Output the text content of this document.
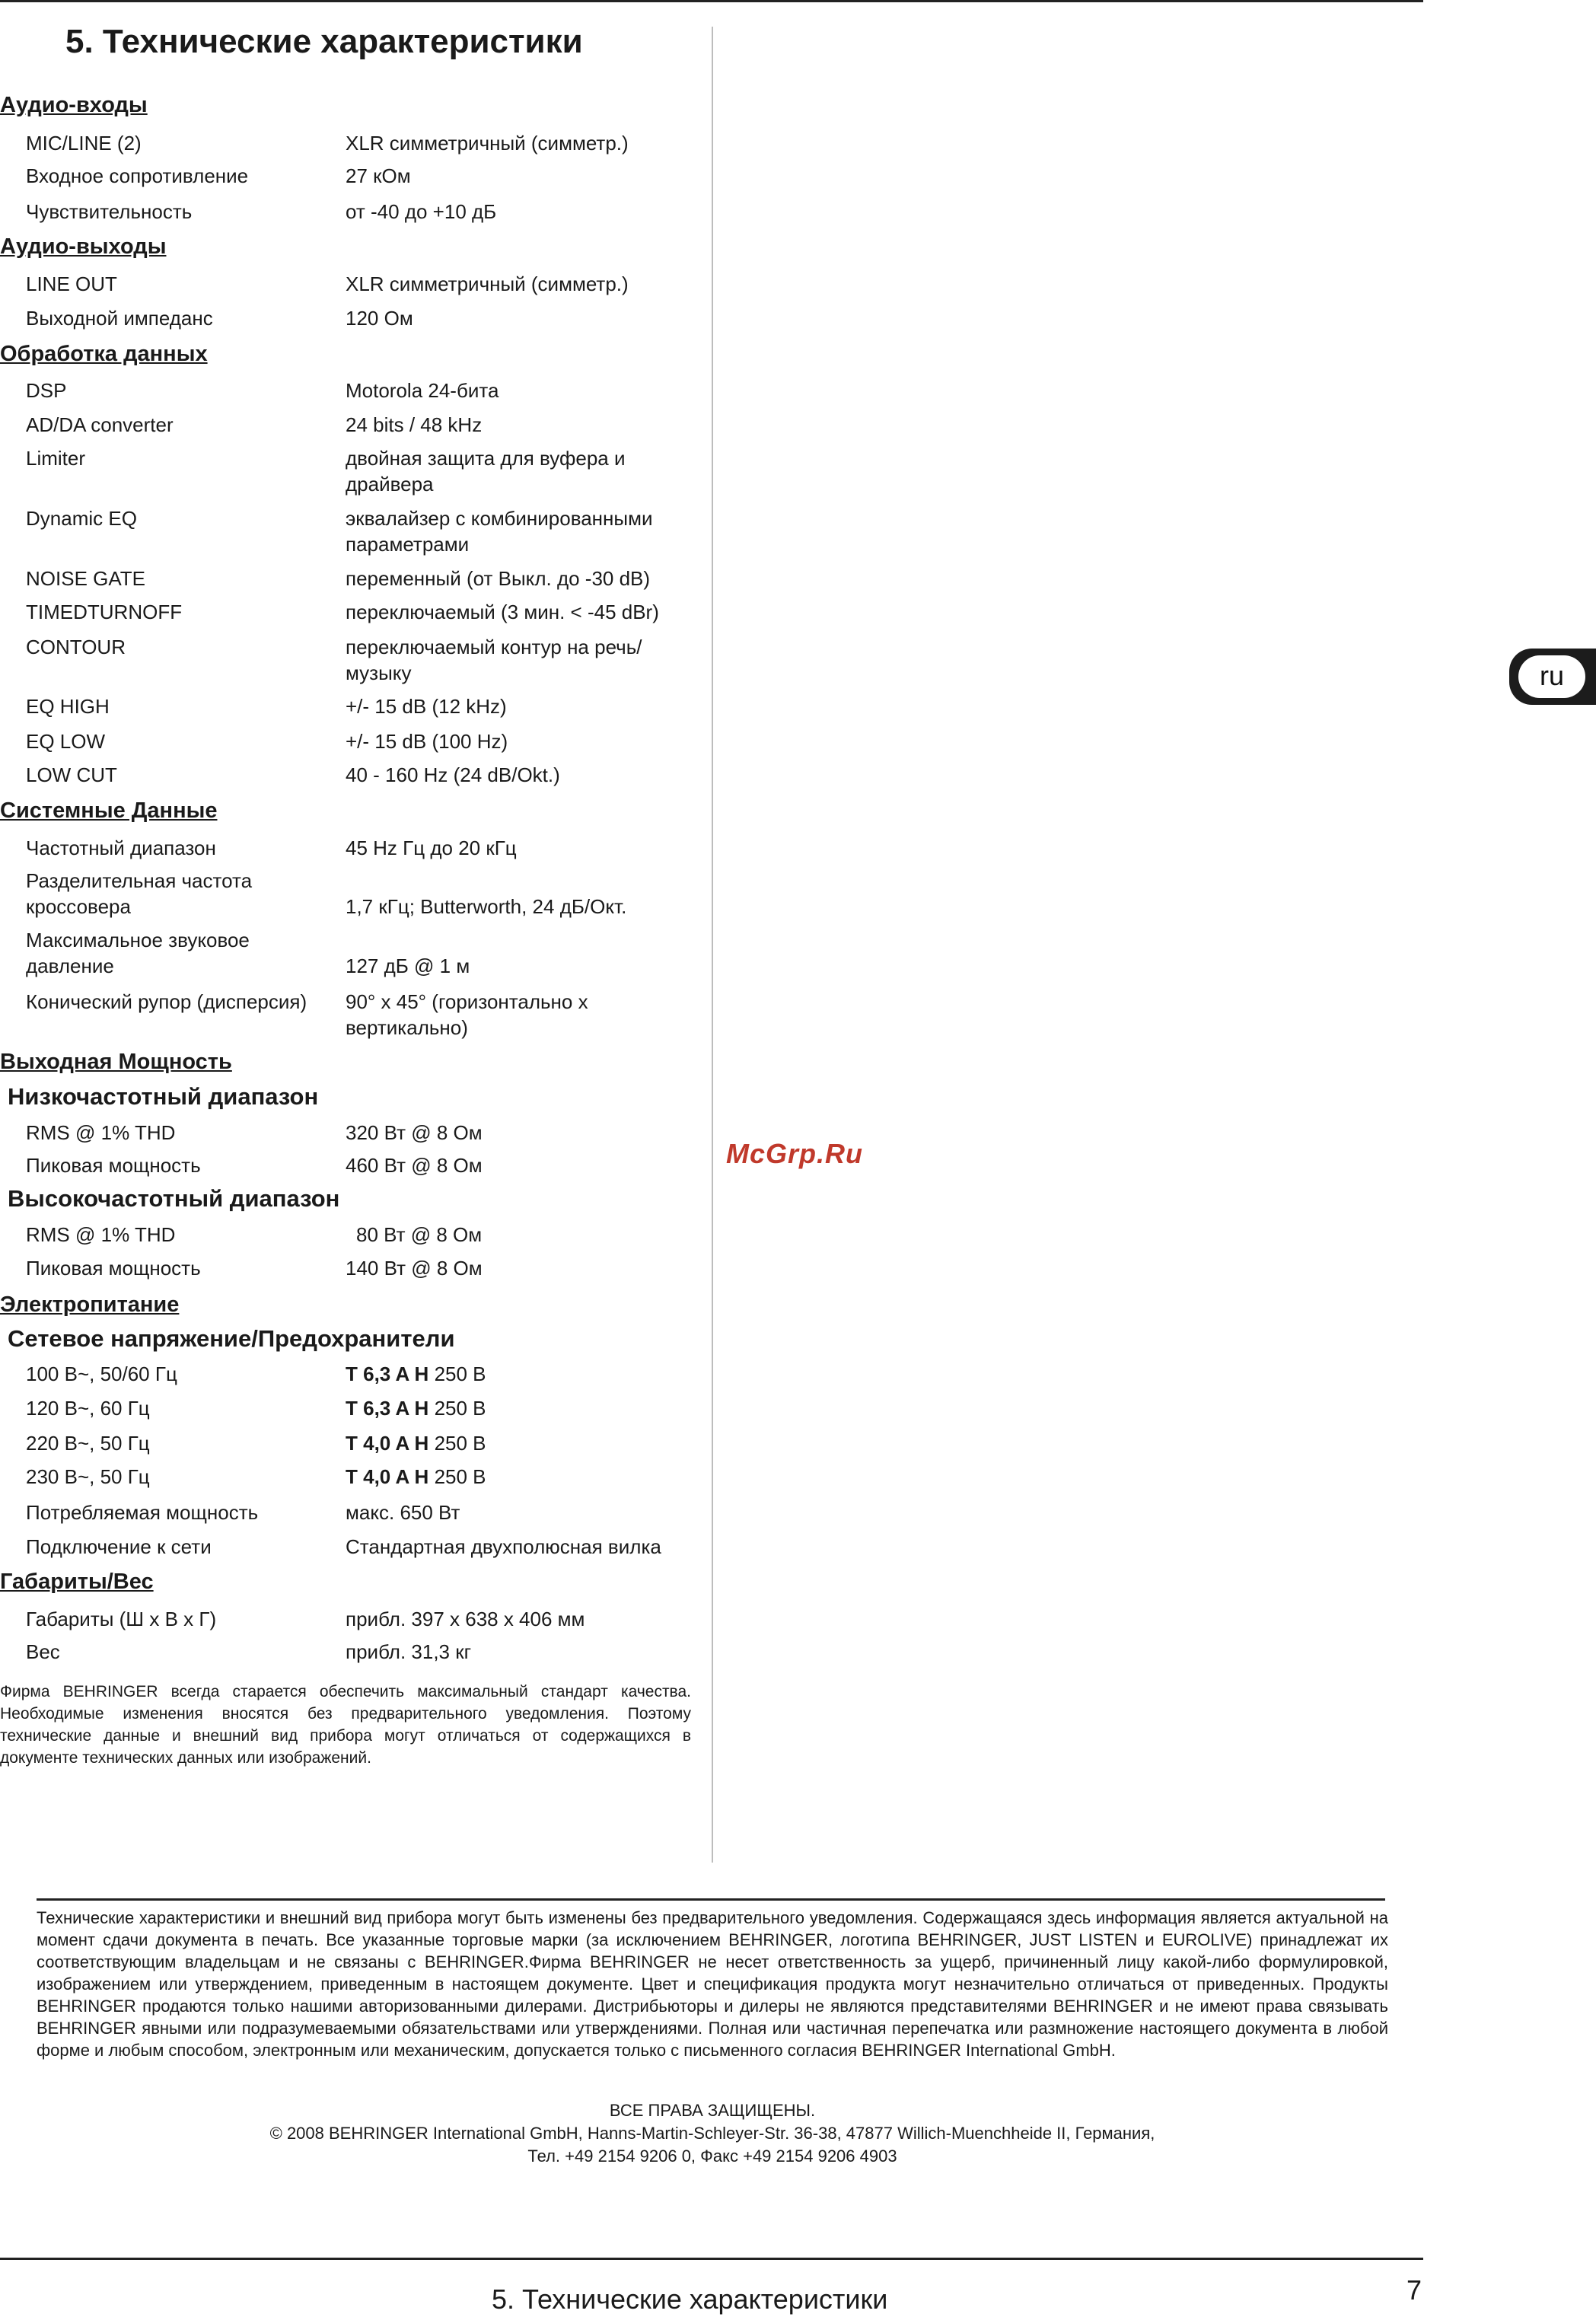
5. Технические характеристики
Аудио-входы
MIC/LINE (2)	XLR симметричный (симметр.)
Входное сопротивление	27 кОм
Чувствительность	от -40 до +10 дБ
Аудио-выходы
LINE OUT	XLR симметричный (симметр.)
Выходной импеданс	120 Ом
Обработка данных
DSP	Motorola 24-бита
AD/DA converter	24 bits / 48 kHz
Limiter	двойная защита для вуфера и драйвера
Dynamic EQ	эквалайзер с комбинированными параметрами
NOISE GATE	переменный (от Выкл. до -30 dB)
TIMEDTURNOFF	переключаемый (3 мин. < -45 dBr)
CONTOUR	переключаемый контур на речь/ музыку
EQ HIGH	+/- 15 dB (12 kHz)
EQ LOW	+/- 15 dB (100 Hz)
LOW CUT	40 - 160 Hz (24 dB/Okt.)
Системные Данные
Частотный диапазон	45 Hz Гц до 20 кГц
Разделительная частота кроссовера	1,7 кГц; Butterworth, 24 дБ/Окт.
Максимальное звуковое давление	127 дБ @ 1 м
Конический рупор (дисперсия) 90° x 45° (горизонтально x вертикально)
Выходная Мощность
Низкочастотный диапазон
RMS @ 1% THD	320 Вт @ 8 Ом
Пиковая мощность	460 Вт @ 8 Ом
Высокочастотный диапазон
RMS @ 1% THD	80 Вт @ 8 Ом
Пиковая мощность	140 Вт @ 8 Ом
Электропитание
Сетевое напряжение/Предохранители
100 В~, 50/60 Гц	T 6,3 A H 250 В
120 В~, 60 Гц	T 6,3 A H 250 В
220 В~, 50 Гц	T 4,0 A H 250 В
230 В~, 50 Гц	T 4,0 A H 250 В
Потребляемая мощность	макс. 650 Вт
Подключение к сети	Стандартная двухполюсная вилка
Габариты/Вес
Габариты (Ш x В x Г)	прибл. 397 x 638 x 406 мм
Вес	прибл. 31,3 кг
Фирма BEHRINGER всегда старается обеспечить максимальный стандарт качества. Необходимые изменения вносятся без предварительного уведомления. Поэтому технические данные и внешний вид прибора могут отличаться от содержащихся в документе технических данных или изображений.
ru
McGrp.Ru
Технические характеристики и внешний вид прибора могут быть изменены без предварительного уведомления. Содержащаяся здесь информация является актуальной на момент сдачи документа в печать. Все указанные торговые марки (за исключением BEHRINGER, логотипа BEHRINGER, JUST LISTEN и EUROLIVE) принадлежат их соответствующим владельцам и не связаны с BEHRINGER.Фирма BEHRINGER не несет ответственность за ущерб, причиненный лицу какой-либо формулировкой, изображением или утверждением, приведенным в настоящем документе. Цвет и спецификация продукта могут незначительно отличаться от приведенных. Продукты BEHRINGER продаются только нашими авторизованными дилерами. Дистрибьюторы и дилеры не являются представителями BEHRINGER и не имеют права связывать BEHRINGER явными или подразумеваемыми обязательствами или утверждениями. Полная или частичная перепечатка или размножение настоящего документа в любой форме и любым способом, электронным или механическим, допускается только с письменного согласия BEHRINGER International GmbH.
ВСЕ ПРАВА ЗАЩИЩЕНЫ.
© 2008 BEHRINGER International GmbH, Hanns-Martin-Schleyer-Str. 36-38, 47877 Willich-Muenchheide II, Германия,
Тел. +49 2154 9206 0, Факс +49 2154 9206 4903
5. Технические характеристики	7
